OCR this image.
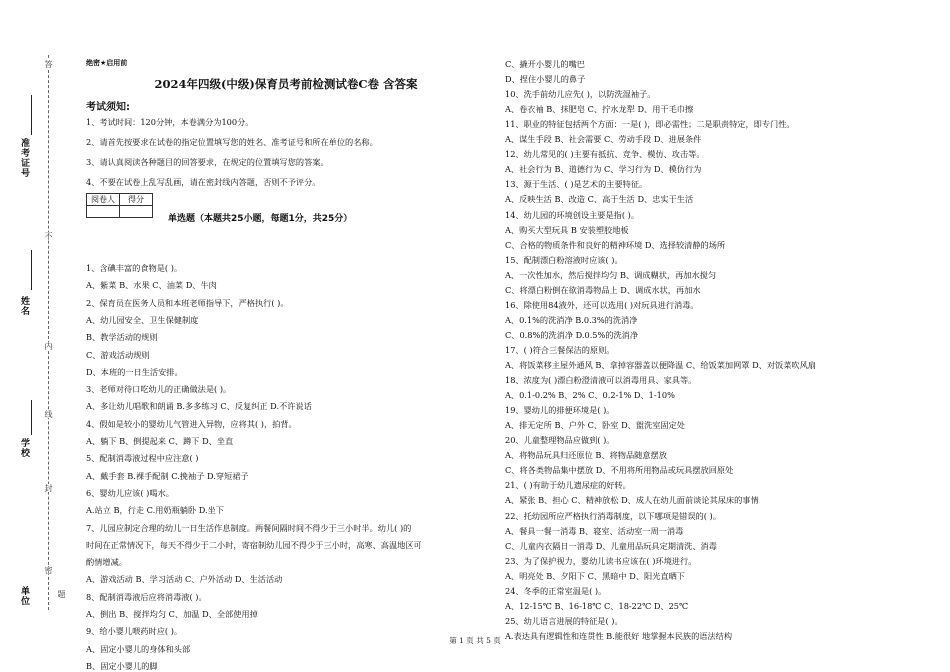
答
不
内
线
封
密
准考证号
姓名
学校
单位	题
绝密★启用前
2024年四级(中级)保育员考前检测试卷C卷 含答案
考试须知:
1、考试时间：120分钟，本卷满分为100分。
2、请首先按要求在试卷的指定位置填写您的姓名、准考证号和所在单位的名称。
3、请认真阅读各种题目的回答要求，在规定的位置填写您的答案。
4、不要在试卷上乱写乱画，请在密封线内答题，否则不予评分。
阅卷人	得分

单选题（本题共25小题，每题1分，共25分）
1、含碘丰富的食物是( )。
A、紫菜 B、水果 C、油菜 D、牛肉
2、保育员在医务人员和本班老师指导下，严格执行( )。
A、幼儿园安全、卫生保健制度
B、教学活动的规则
C、游戏活动规则
D、本班的一日生活安排。
3、老师对待口吃幼儿的正确做法是( )。
A、多让幼儿唱歌和朗诵 B.多多练习 C、反复纠正 D.不许说话
4、假如是较小的婴幼儿气管进入异物，应将其( )，拍背。
A、躺下 B、倒提起来 C、蹲下 D、坐直
5、配制消毒液过程中应注意( )
A、戴手套 B.裸手配制 C.挽袖子 D.穿短裙子
6、婴幼儿应该( )喝水。
A.站立 B，行走 C.用奶瓶躺卧 D.坐下
7、儿园应制定合理的幼儿一日生活作息制度。两餐间隔时间不得少于三小时半。幼儿( )的
时间在正常情况下，每天不得少于二小时，寄宿制幼儿园不得少于三小时，高寒、高温地区可
酌情增减。
A、游戏活动 B、学习活动 C、户外活动 D、生活活动
8、配制消毒液后应将消毒液( )。
A、倒出 B、搅拌均匀 C、加温 D、全部使用掉
9、给小婴儿喂药时应( )。
A、固定小婴儿的身体和头部
B、固定小婴儿的脚
C、撬开小婴儿的嘴巴
D、捏住小婴儿的鼻子
10、洗手前幼儿应先( )，以防洗湿袖子。
A、卷衣袖 B、抹肥皂 C、拧水龙犁 D、用干毛巾擦
11、职业的特征包括两个方面：一是( )，即必需性；二是职责特定，即专门性。
A、谋生手段 B、社会需要 C、劳动手段 D、进展条件
12、幼儿常见的( )主要有抵抗、竞争、模仿、攻击等。
A、社会行为 B、道德行为 C、学习行为 D、模仿行为
13、源于生活、( )是艺术的主要特征。
A、反映生活 B、改造 C、高于生活 D、忠实于生活
14、幼儿园的环境创设主要是指( )。
A、购买大型玩具 B 安装塑胶地板
C、合格的物质条件和良好的精神环境 D、选择较清静的场所
15、配制漂白粉溶液时应该( )。
A、一次性加水，然后搅拌均匀 B、调成糊状，再加水搅匀
C、将漂白粉倒在欲消毒物品上 D、调成水状，再加水
16、除使用84液外，还可以选用( )对玩具进行消毒。
A、0.1%的洗消净 B.0.3%的洗消净
C、0.8%的洗消净 D.0.5%的洗消净
17、( )符合三餐保洁的原则。
A、将饭菜移主屋外通风 B、拿掉容器盖以便降温 C、给饭菜加网罩 D、对饭菜吹风扇
18、浓度为( )漂白粉澄清液可以消毒用具、家具等。
A、0.1-0.2% B、2% C、0.2-1% D、1-10%
19、婴幼儿的排便环境是( )。
A、排无定所 B、户外 C、卧室 D、盥洗室固定处
20、儿童整理物品应做到( )。
A、将物品玩具归还原位 B、将物品随意摆放
C、将各类物品集中摆放 D、不用将所用物品或玩具摆放回原处
21、( )有助于幼儿遗尿症的好转。
A、紧张 B、担心 C、精神放松 D、成人在幼儿面前谈论其尿床的事情
22、托幼园所应严格执行消毒制度，以下哪项是错误的( )。
A、餐具一餐一消毒 B、寝室、活动室一周一消毒
C、儿童内衣隔日一消毒 D、儿童用品玩具定期清洗、消毒
23、为了保护视力，婴幼儿读书应该在( )环境进行。
A、明亮处 B、夕阳下 C、黑暗中 D、阳光直晒下
24、冬季的正常室温是( )。
A、12-15℃ B、16-18℃ C、18-22℃ D、25℃
25、幼儿语言进展的特征是( )。
A.表达具有逻辑性和连贯性 B.能很好 地掌握本民族的语法结构
第 1 页 共 5 页
